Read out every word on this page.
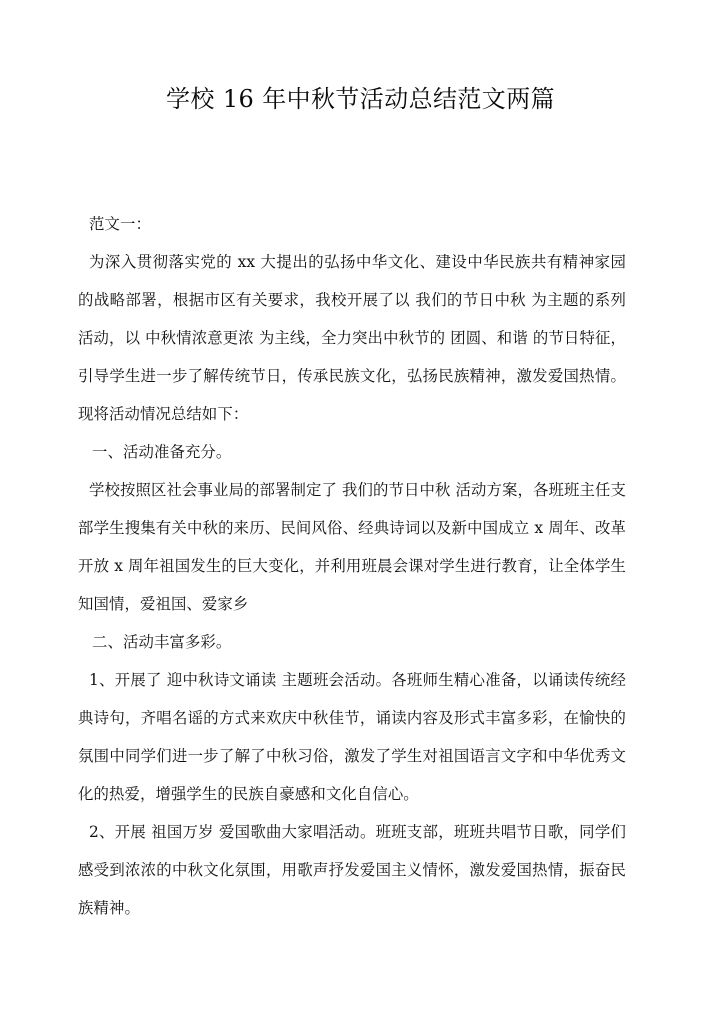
学校 16 年中秋节活动总结范文两篇

范文一：

为深入贯彻落实党的 xx 大提出的弘扬中华文化、建设中华民族共有精神家园的战略部署，根据市区有关要求，我校开展了以 我们的节日中秋 为主题的系列活动，以 中秋情浓意更浓 为主线，全力突出中秋节的 团圆、和谐 的节日特征，引导学生进一步了解传统节日，传承民族文化，弘扬民族精神，激发爱国热情。现将活动情况总结如下：

一、活动准备充分。

学校按照区社会事业局的部署制定了 我们的节日中秋 活动方案，各班班主任支部学生搜集有关中秋的来历、民间风俗、经典诗词以及新中国成立 x 周年、改革开放 x 周年祖国发生的巨大变化，并利用班晨会课对学生进行教育，让全体学生知国情，爱祖国、爱家乡

二、活动丰富多彩。

1、开展了 迎中秋诗文诵读 主题班会活动。各班师生精心准备，以诵读传统经典诗句，齐唱名谣的方式来欢庆中秋佳节，诵读内容及形式丰富多彩，在愉快的氛围中同学们进一步了解了中秋习俗，激发了学生对祖国语言文字和中华优秀文化的热爱，增强学生的民族自豪感和文化自信心。

2、开展 祖国万岁 爱国歌曲大家唱活动。班班支部，班班共唱节日歌，同学们感受到浓浓的中秋文化氛围，用歌声抒发爱国主义情怀，激发爱国热情，振奋民族精神。
